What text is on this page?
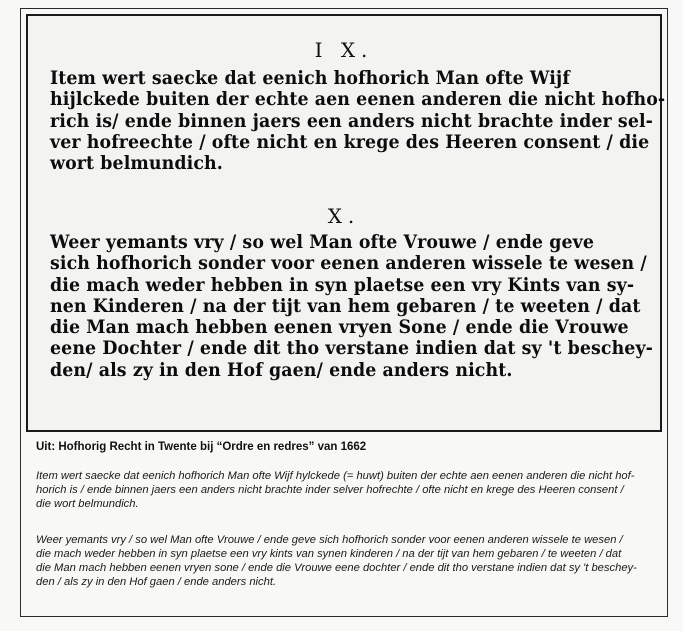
I X.
Item wert saecke dat eenich hofhorich Man ofte Wijf
hijlckede buiten der echte aen eenen anderen die nicht hofho-
rich is/ ende binnen jaers een anders nicht brachte inder sel-
ver hofreechte / ofte nicht en krege des Heeren consent / die
wort belmundich.
X.
Weer yemants vry / so wel Man ofte Vrouwe / ende geve
sich hofhorich sonder voor eenen anderen wissele te wesen /
die mach weder hebben in syn plaetse een vry Kints van sy-
nen Kinderen / na der tijt van hem gebaren / te weeten / dat
die Man mach hebben eenen vryen Sone / ende die Vrouwe
eene Dochter / ende dit tho verstane indien dat sy 't beschey-
den/ als zy in den Hof gaen/ ende anders nicht.
Uit: Hofhorig Recht in Twente bij “Ordre en redres” van 1662
Item wert saecke dat eenich hofhorich Man ofte Wijf hylckede (= huwt) buiten der echte aen eenen anderen die nicht hof-
horich is / ende binnen jaers een anders nicht brachte inder selver hofrechte / ofte nicht en krege des Heeren consent /
die wort belmundich.
Weer yemants vry / so wel Man ofte Vrouwe / ende geve sich hofhorich sonder voor eenen anderen wissele te wesen /
die mach weder hebben in syn plaetse een vry kints van synen kinderen / na der tijt van hem gebaren / te weeten / dat
die Man mach hebben eenen vryen sone / ende die Vrouwe eene dochter / ende dit tho verstane indien dat sy 't beschey-
den / als zy in den Hof gaen / ende anders nicht.
